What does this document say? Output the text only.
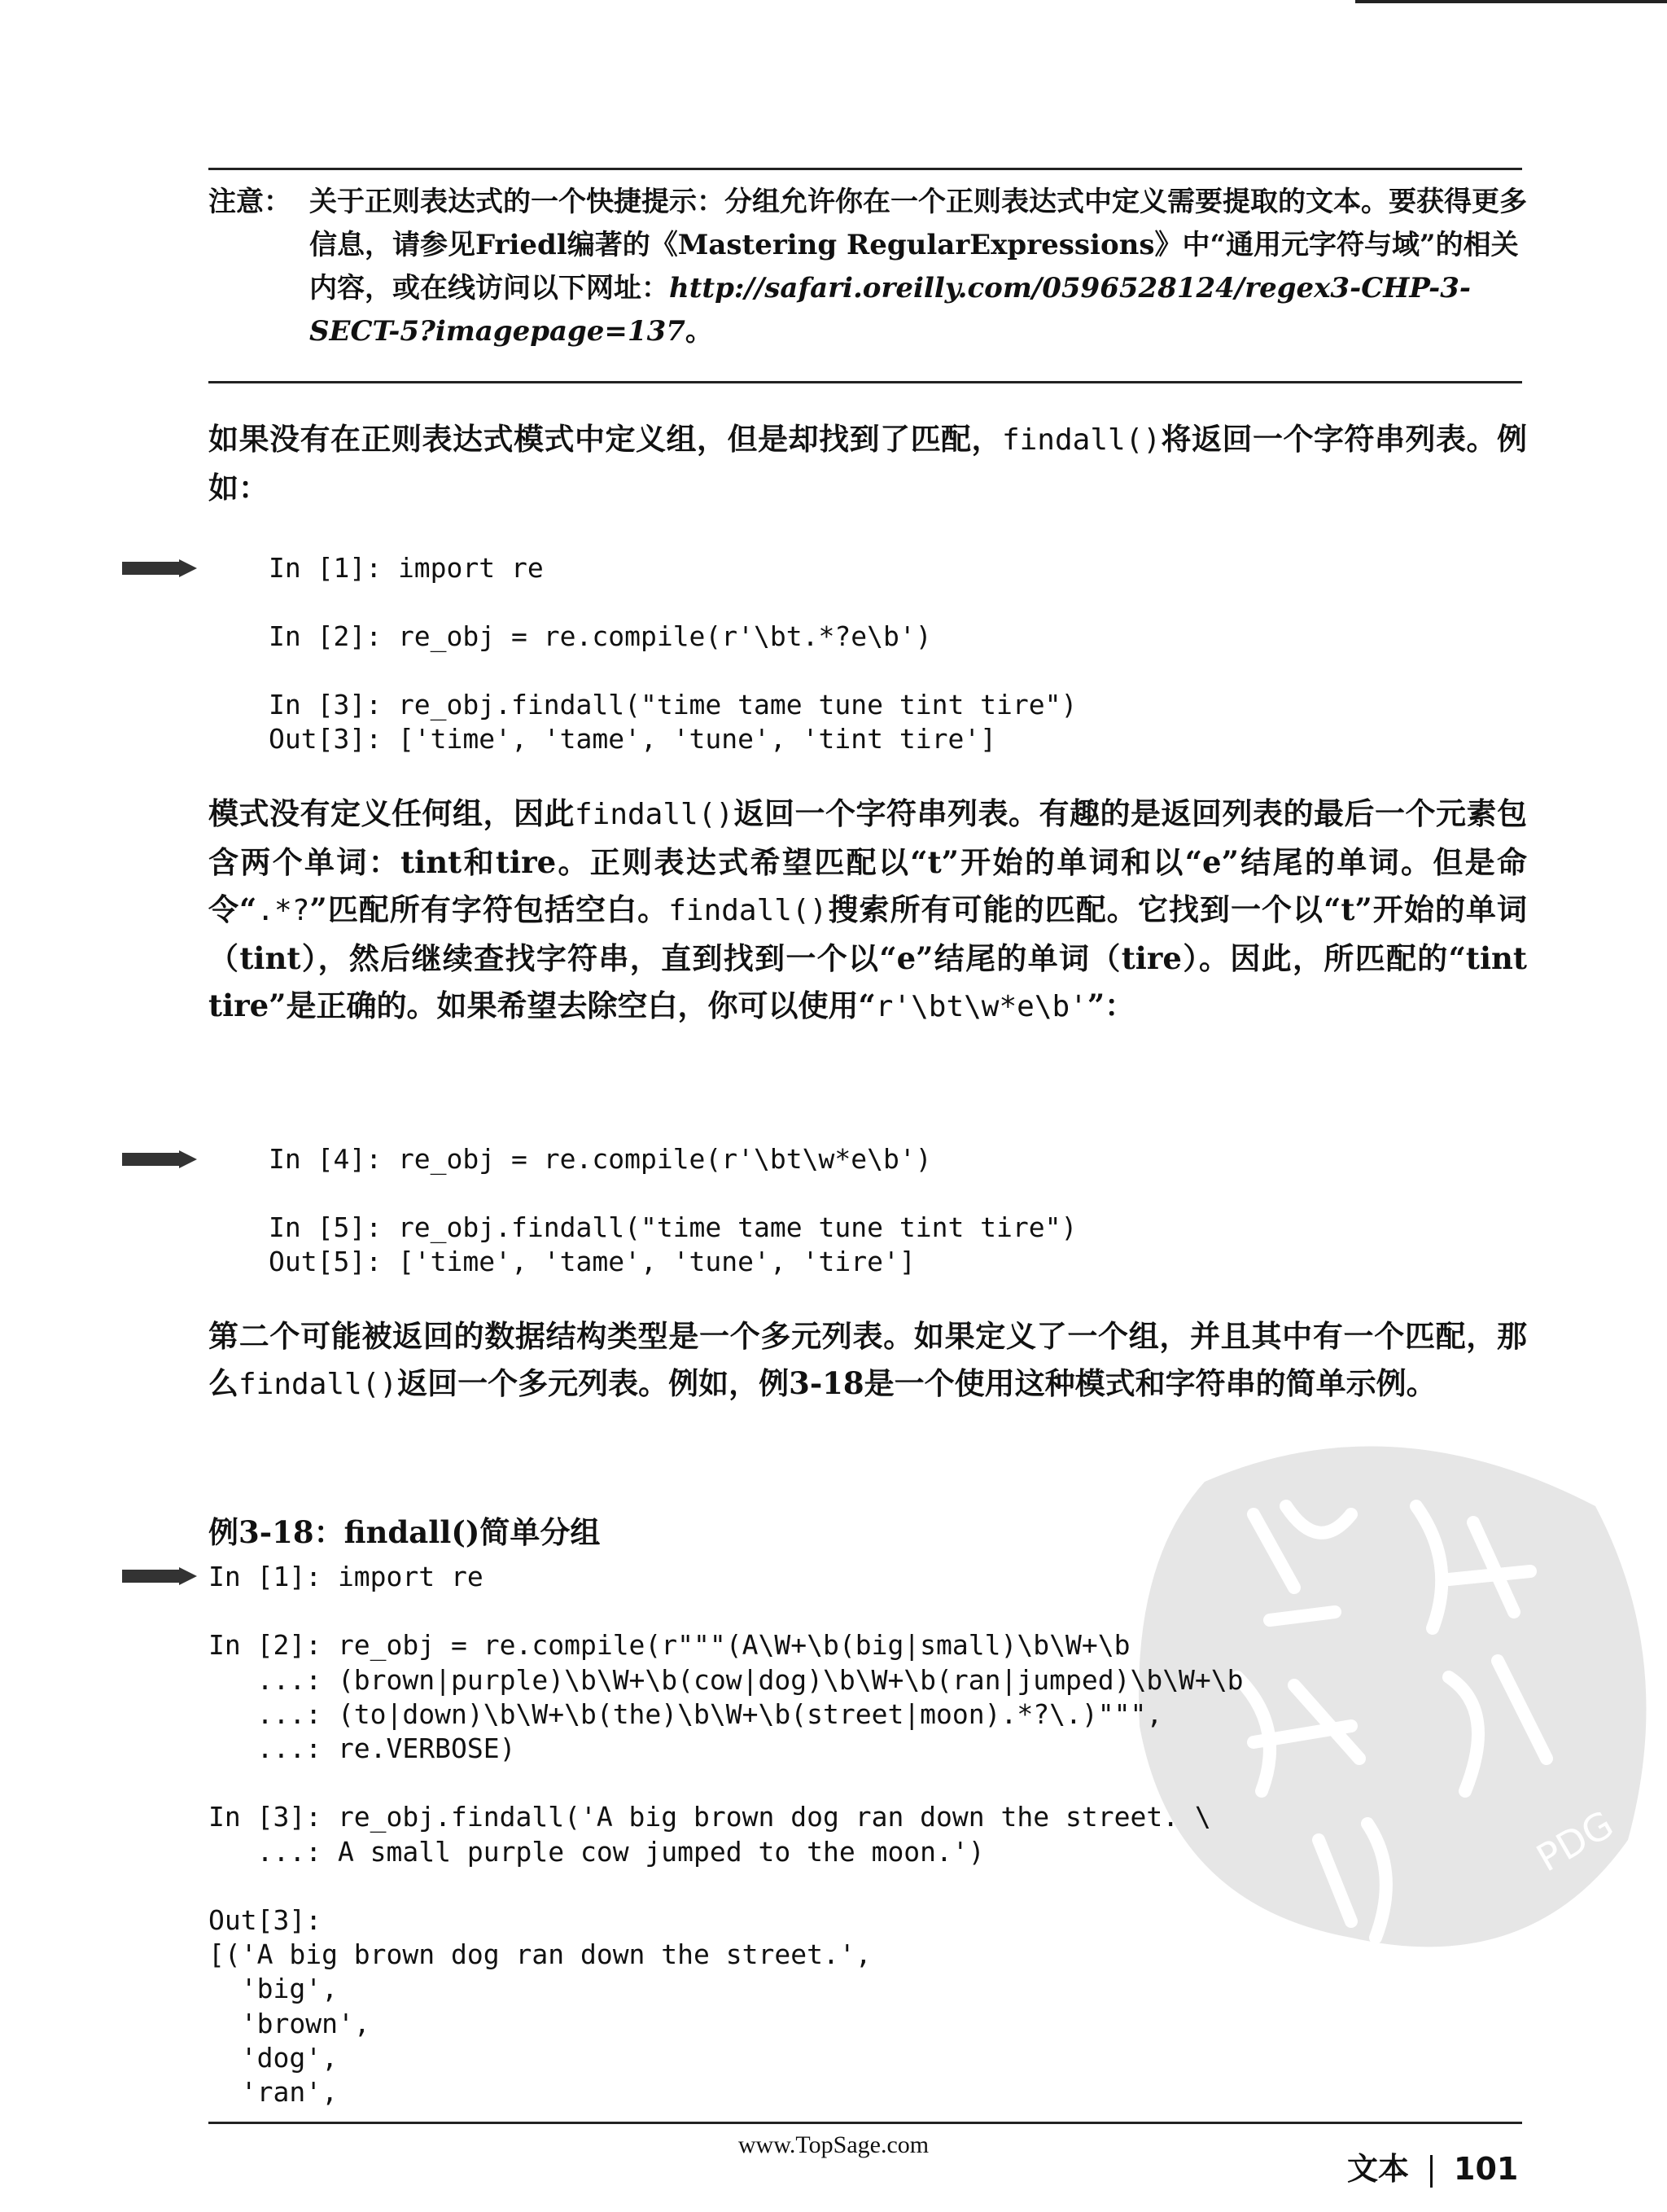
注意： 关于正则表达式的一个快捷提示：分组允许你在一个正则表达式中定义需要提取的文本。要获得更多信息，请参见Friedl编著的《Mastering RegularExpressions》中“通用元字符与域”的相关内容，或在线访问以下网址：http://safari.oreilly.com/0596528124/regex3-CHP-3-SECT-5?imagepage=137。
如果没有在正则表达式模式中定义组，但是却找到了匹配，findall()将返回一个字符串列表。例如：
In [1]: import re

In [2]: re_obj = re.compile(r'\bt.*?e\b')

In [3]: re_obj.findall("time tame tune tint tire")
Out[3]: ['time', 'tame', 'tune', 'tint tire']
模式没有定义任何组，因此findall()返回一个字符串列表。有趣的是返回列表的最后一个元素包含两个单词：tint和tire。正则表达式希望匹配以“t”开始的单词和以“e”结尾的单词。但是命令“.*?”匹配所有字符包括空白。findall()搜索所有可能的匹配。它找到一个以“t”开始的单词（tint），然后继续查找字符串，直到找到一个以“e”结尾的单词（tire）。因此，所匹配的“tint tire”是正确的。如果希望去除空白，你可以使用“r'\bt\w*e\b'”：
In [4]: re_obj = re.compile(r'\bt\w*e\b')

In [5]: re_obj.findall("time tame tune tint tire")
Out[5]: ['time', 'tame', 'tune', 'tire']
第二个可能被返回的数据结构类型是一个多元列表。如果定义了一个组，并且其中有一个匹配，那么findall()返回一个多元列表。例如，例3-18是一个使用这种模式和字符串的简单示例。
例3-18：findall()简单分组
PDG
In [1]: import re

In [2]: re_obj = re.compile(r"""(A\W+\b(big|small)\b\W+\b
...: (brown|purple)\b\W+\b(cow|dog)\b\W+\b(ran|jumped)\b\W+\b
...: (to|down)\b\W+\b(the)\b\W+\b(street|moon).*?\.)""",
...: re.VERBOSE)

In [3]: re_obj.findall('A big brown dog ran down the street. \
...: A small purple cow jumped to the moon.')

Out[3]:
[('A big brown dog ran down the street.',
'big',
'brown',
'dog',
'ran',
www.TopSage.com
文本 101
